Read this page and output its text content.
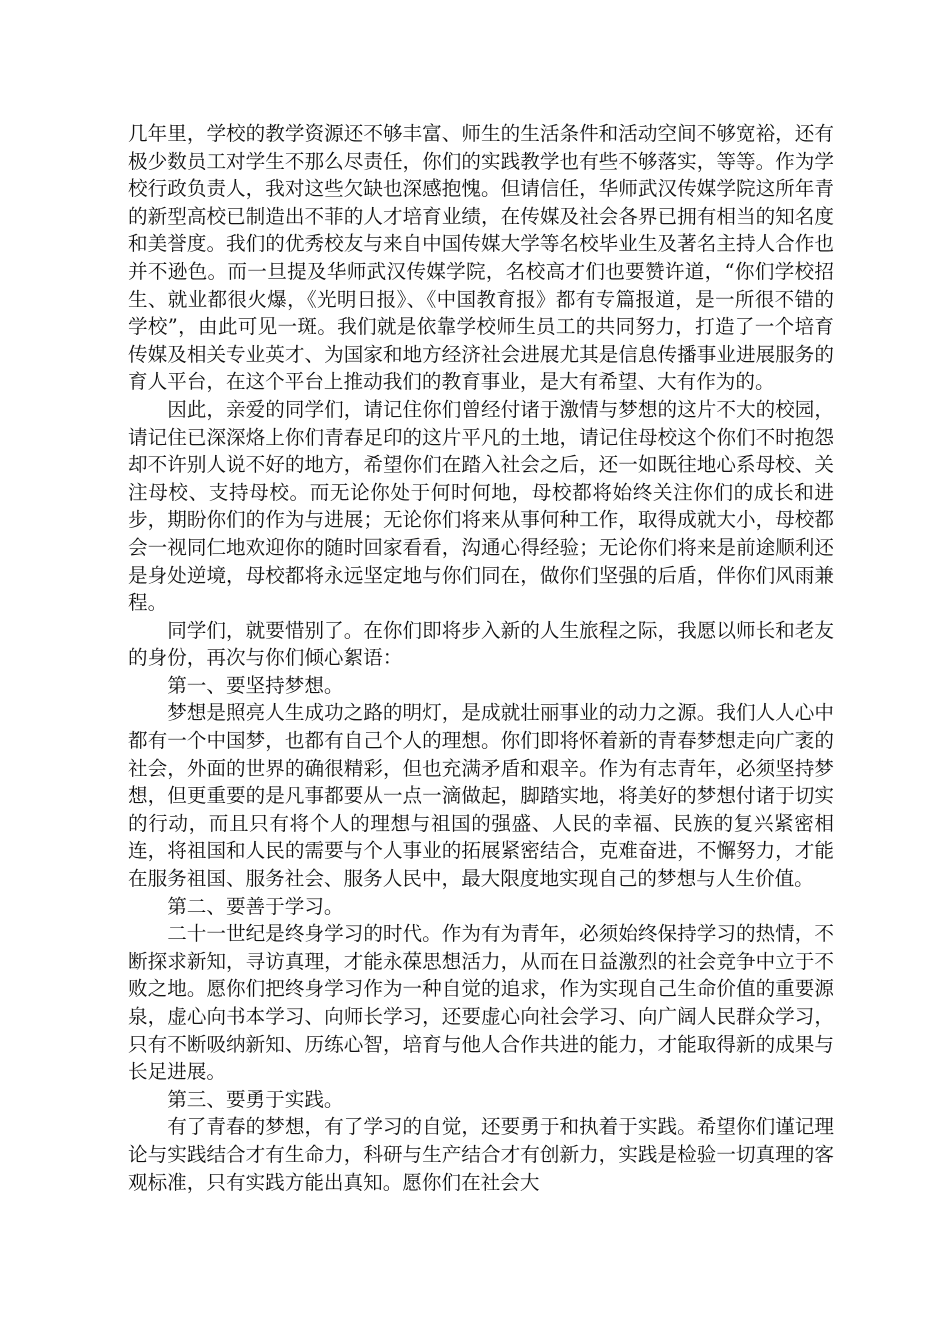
几年里，学校的教学资源还不够丰富、师生的生活条件和活动空间不够宽裕，还有极少数员工对学生不那么尽责任，你们的实践教学也有些不够落实，等等。作为学校行政负责人，我对这些欠缺也深感抱愧。但请信任，华师武汉传媒学院这所年青的新型高校已制造出不菲的人才培育业绩，在传媒及社会各界已拥有相当的知名度和美誉度。我们的优秀校友与来自中国传媒大学等名校毕业生及著名主持人合作也并不逊色。而一旦提及华师武汉传媒学院，名校高才们也要赞许道，“你们学校招生、就业都很火爆，《光明日报》、《中国教育报》都有专篇报道，是一所很不错的学校”，由此可见一斑。我们就是依靠学校师生员工的共同努力，打造了一个培育传媒及相关专业英才、为国家和地方经济社会进展尤其是信息传播事业进展服务的育人平台，在这个平台上推动我们的教育事业，是大有希望、大有作为的。

因此，亲爱的同学们，请记住你们曾经付诸于激情与梦想的这片不大的校园，请记住已深深烙上你们青春足印的这片平凡的土地，请记住母校这个你们不时抱怨却不许别人说不好的地方，希望你们在踏入社会之后，还一如既往地心系母校、关注母校、支持母校。而无论你处于何时何地，母校都将始终关注你们的成长和进步，期盼你们的作为与进展；无论你们将来从事何种工作，取得成就大小，母校都会一视同仁地欢迎你的随时回家看看，沟通心得经验；无论你们将来是前途顺利还是身处逆境，母校都将永远坚定地与你们同在，做你们坚强的后盾，伴你们风雨兼程。

同学们，就要惜别了。在你们即将步入新的人生旅程之际，我愿以师长和老友的身份，再次与你们倾心絮语：

第一、要坚持梦想。

梦想是照亮人生成功之路的明灯，是成就壮丽事业的动力之源。我们人人心中都有一个中国梦，也都有自己个人的理想。你们即将怀着新的青春梦想走向广袤的社会，外面的世界的确很精彩，但也充满矛盾和艰辛。作为有志青年，必须坚持梦想，但更重要的是凡事都要从一点一滴做起，脚踏实地，将美好的梦想付诸于切实的行动，而且只有将个人的理想与祖国的强盛、人民的幸福、民族的复兴紧密相连，将祖国和人民的需要与个人事业的拓展紧密结合，克难奋进，不懈努力，才能在服务祖国、服务社会、服务人民中，最大限度地实现自己的梦想与人生价值。

第二、要善于学习。

二十一世纪是终身学习的时代。作为有为青年，必须始终保持学习的热情，不断探求新知，寻访真理，才能永葆思想活力，从而在日益激烈的社会竞争中立于不败之地。愿你们把终身学习作为一种自觉的追求，作为实现自己生命价值的重要源泉，虚心向书本学习、向师长学习，还要虚心向社会学习、向广阔人民群众学习，只有不断吸纳新知、历练心智，培育与他人合作共进的能力，才能取得新的成果与长足进展。

第三、要勇于实践。

有了青春的梦想，有了学习的自觉，还要勇于和执着于实践。希望你们谨记理论与实践结合才有生命力，科研与生产结合才有创新力，实践是检验一切真理的客观标准，只有实践方能出真知。愿你们在社会大
